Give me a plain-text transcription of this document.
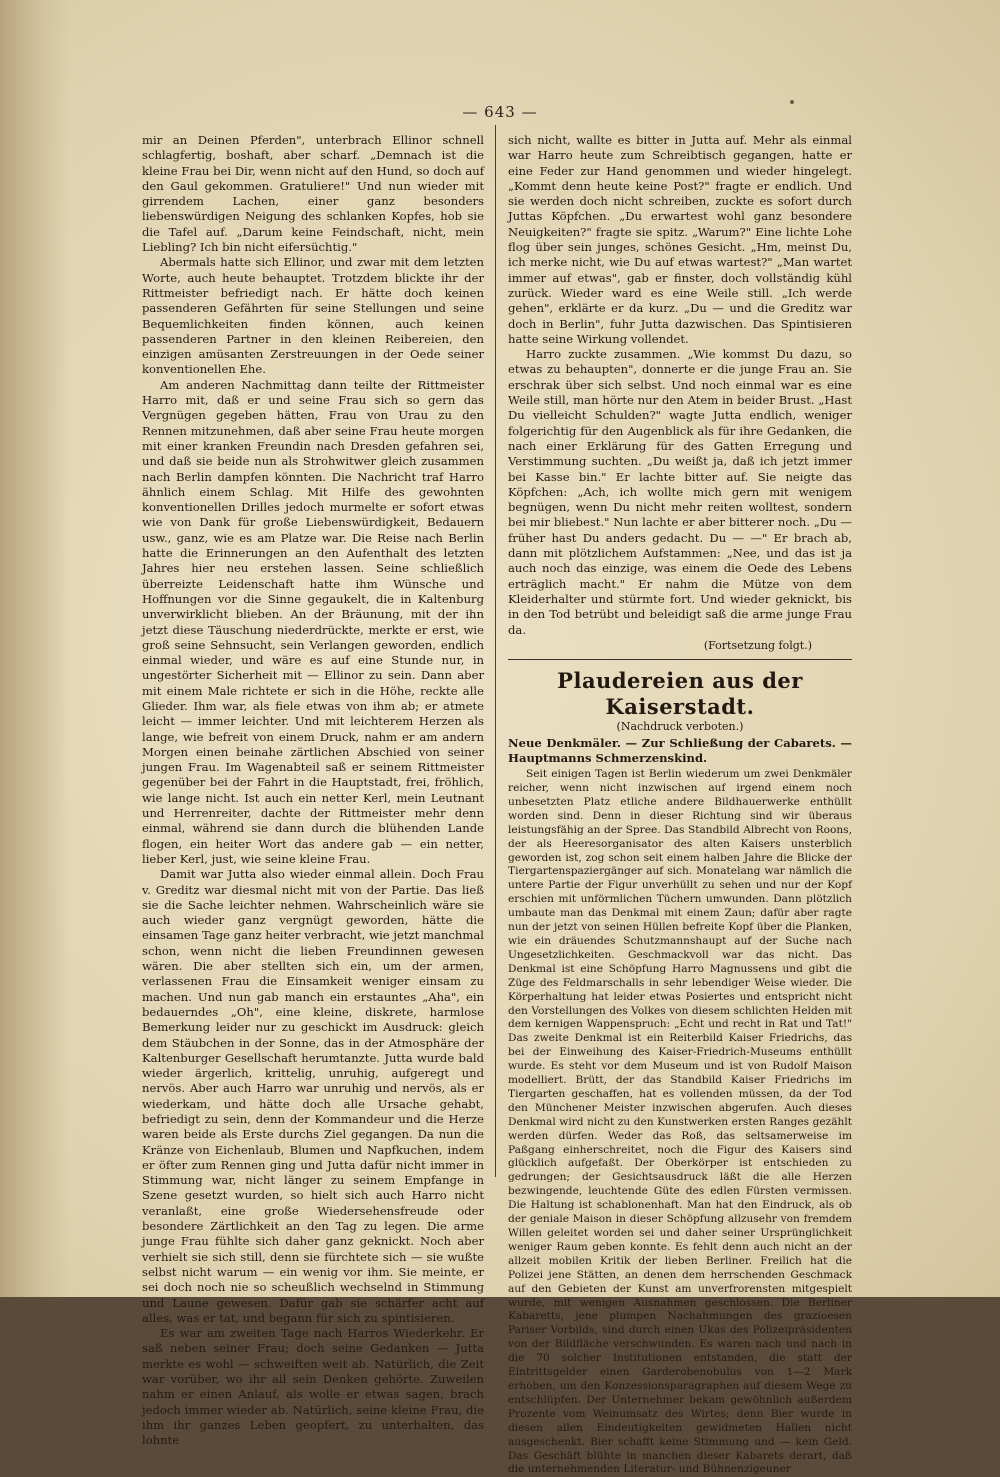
— 643 —

mir an Deinen Pferden", unterbrach Ellinor schnell schlagfertig, boshaft, aber scharf. „Demnach ist die kleine Frau bei Dir, wenn nicht auf den Hund, so doch auf den Gaul gekommen. Gratuliere!" Und nun wieder mit girrendem Lachen, einer ganz besonders liebenswürdigen Neigung des schlanken Kopfes, hob sie die Tafel auf. „Darum keine Feindschaft, nicht, mein Liebling? Ich bin nicht eifersüchtig."

Abermals hatte sich Ellinor, und zwar mit dem letzten Worte, auch heute behauptet. Trotzdem blickte ihr der Rittmeister befriedigt nach. Er hätte doch keinen passenderen Gefährten für seine Stellungen und seine Bequemlichkeiten finden können, auch keinen passenderen Partner in den kleinen Reibereien, den einzigen amüsanten Zerstreuungen in der Oede seiner konventionellen Ehe.

Am anderen Nachmittag dann teilte der Rittmeister Harro mit, daß er und seine Frau sich so gern das Vergnügen gegeben hätten, Frau von Urau zu den Rennen mitzunehmen, daß aber seine Frau heute morgen mit einer kranken Freundin nach Dresden gefahren sei, und daß sie beide nun als Strohwitwer gleich zusammen nach Berlin dampfen könnten. Die Nachricht traf Harro ähnlich einem Schlag. Mit Hilfe des gewohnten konventionellen Drilles jedoch murmelte er sofort etwas wie von Dank für große Liebenswürdigkeit, Bedauern usw., ganz, wie es am Platze war. Die Reise nach Berlin hatte die Erinnerungen an den Aufenthalt des letzten Jahres hier neu erstehen lassen. Seine schließlich überreizte Leidenschaft hatte ihm Wünsche und Hoffnungen vor die Sinne gegaukelt, die in Kaltenburg unverwirklicht blieben. An der Bräunung, mit der ihn jetzt diese Täuschung niederdrückte, merkte er erst, wie groß seine Sehnsucht, sein Verlangen geworden, endlich einmal wieder, und wäre es auf eine Stunde nur, in ungestörter Sicherheit mit — Ellinor zu sein. Dann aber mit einem Male richtete er sich in die Höhe, reckte alle Glieder. Ihm war, als fiele etwas von ihm ab; er atmete leicht — immer leichter. Und mit leichterem Herzen als lange, wie befreit von einem Druck, nahm er am andern Morgen einen beinahe zärtlichen Abschied von seiner jungen Frau. Im Wagenabteil saß er seinem Rittmeister gegenüber bei der Fahrt in die Hauptstadt, frei, fröhlich, wie lange nicht. Ist auch ein netter Kerl, mein Leutnant und Herrenreiter, dachte der Rittmeister mehr denn einmal, während sie dann durch die blühenden Lande flogen, ein heiter Wort das andere gab — ein netter, lieber Kerl, just, wie seine kleine Frau.

Damit war Jutta also wieder einmal allein. Doch Frau v. Greditz war diesmal nicht mit von der Partie. Das ließ sie die Sache leichter nehmen. Wahrscheinlich wäre sie auch wieder ganz vergnügt geworden, hätte die einsamen Tage ganz heiter verbracht, wie jetzt manchmal schon, wenn nicht die lieben Freundinnen gewesen wären. Die aber stellten sich ein, um der armen, verlassenen Frau die Einsamkeit weniger einsam zu machen. Und nun gab manch ein erstauntes „Aha", ein bedauerndes „Oh", eine kleine, diskrete, harmlose Bemerkung leider nur zu geschickt im Ausdruck: gleich dem Stäubchen in der Sonne, das in der Atmosphäre der Kaltenburger Gesellschaft herumtanzte. Jutta wurde bald wieder ärgerlich, krittelig, unruhig, aufgeregt und nervös. Aber auch Harro war unruhig und nervös, als er wiederkam, und hätte doch alle Ursache gehabt, befriedigt zu sein, denn der Kommandeur und die Herze waren beide als Erste durchs Ziel gegangen. Da nun die Kränze von Eichenlaub, Blumen und Napfkuchen, indem er öfter zum Rennen ging und Jutta dafür nicht immer in Stimmung war, nicht länger zu seinem Empfange in Szene gesetzt wurden, so hielt sich auch Harro nicht veranlaßt, eine große Wiedersehensfreude oder besondere Zärtlichkeit an den Tag zu legen. Die arme junge Frau fühlte sich daher ganz geknickt. Noch aber verhielt sie sich still, denn sie fürchtete sich — sie wußte selbst nicht warum — ein wenig vor ihm. Sie meinte, er sei doch noch nie so scheußlich wechselnd in Stimmung und Laune gewesen. Dafür gab sie schärfer acht auf alles, was er tat, und begann für sich zu spintisieren.

Es war am zweiten Tage nach Harros Wiederkehr. Er saß neben seiner Frau; doch seine Gedanken — Jutta merkte es wohl — schweiften weit ab. Natürlich, die Zeit war vorüber, wo ihr all sein Denken gehörte. Zuweilen nahm er einen Anlauf, als wolle er etwas sagen, brach jedoch immer wieder ab. Natürlich, seine kleine Frau, die ihm ihr ganzes Leben geopfert, zu unterhalten, das lohnte

sich nicht, wallte es bitter in Jutta auf. Mehr als einmal war Harro heute zum Schreibtisch gegangen, hatte er eine Feder zur Hand genommen und wieder hingelegt. „Kommt denn heute keine Post?" fragte er endlich. Und sie werden doch nicht schreiben, zuckte es sofort durch Juttas Köpfchen. „Du erwartest wohl ganz besondere Neuigkeiten?" fragte sie spitz. „Warum?" Eine lichte Lohe flog über sein junges, schönes Gesicht. „Hm, meinst Du, ich merke nicht, wie Du auf etwas wartest?" „Man wartet immer auf etwas", gab er finster, doch vollständig kühl zurück. Wieder ward es eine Weile still. „Ich werde gehen", erklärte er da kurz. „Du — und die Greditz war doch in Berlin", fuhr Jutta dazwischen. Das Spintisieren hatte seine Wirkung vollendet.

Harro zuckte zusammen. „Wie kommst Du dazu, so etwas zu behaupten", donnerte er die junge Frau an. Sie erschrak über sich selbst. Und noch einmal war es eine Weile still, man hörte nur den Atem in beider Brust. „Hast Du vielleicht Schulden?" wagte Jutta endlich, weniger folgerichtig für den Augenblick als für ihre Gedanken, die nach einer Erklärung für des Gatten Erregung und Verstimmung suchten. „Du weißt ja, daß ich jetzt immer bei Kasse bin." Er lachte bitter auf. Sie neigte das Köpfchen: „Ach, ich wollte mich gern mit wenigem begnügen, wenn Du nicht mehr reiten wolltest, sondern bei mir bliebest." Nun lachte er aber bitterer noch. „Du — früher hast Du anders gedacht. Du — —" Er brach ab, dann mit plötzlichem Aufstammen: „Nee, und das ist ja auch noch das einzige, was einem die Oede des Lebens erträglich macht." Er nahm die Mütze von dem Kleiderhalter und stürmte fort. Und wieder geknickt, bis in den Tod betrübt und beleidigt saß die arme junge Frau da.

(Fortsetzung folgt.)

Plaudereien aus der Kaiserstadt.
(Nachdruck verboten.)
Neue Denkmäler. — Zur Schließung der Cabarets. — Hauptmanns Schmerzenskind.

Seit einigen Tagen ist Berlin wiederum um zwei Denkmäler reicher, wenn nicht inzwischen auf irgend einem noch unbesetzten Platz etliche andere Bildhauerwerke enthüllt worden sind. Denn in dieser Richtung sind wir überaus leistungsfähig an der Spree. Das Standbild Albrecht von Roons, der als Heeresorganisator des alten Kaisers unsterblich geworden ist, zog schon seit einem halben Jahre die Blicke der Tiergartenspaziergänger auf sich. Monatelang war nämlich die untere Partie der Figur unverhüllt zu sehen und nur der Kopf erschien mit unförmlichen Tüchern umwunden. Dann plötzlich umbaute man das Denkmal mit einem Zaun; dafür aber ragte nun der jetzt von seinen Hüllen befreite Kopf über die Planken, wie ein dräuendes Schutzmannshaupt auf der Suche nach Ungesetzlichkeiten. Geschmackvoll war das nicht. Das Denkmal ist eine Schöpfung Harro Magnussens und gibt die Züge des Feldmarschalls in sehr lebendiger Weise wieder. Die Körperhaltung hat leider etwas Posiertes und entspricht nicht den Vorstellungen des Volkes von diesem schlichten Helden mit dem kernigen Wappenspruch: „Echt und recht in Rat und Tat!" Das zweite Denkmal ist ein Reiterbild Kaiser Friedrichs, das bei der Einweihung des Kaiser-Friedrich-Museums enthüllt wurde. Es steht vor dem Museum und ist von Rudolf Maison modelliert. Brütt, der das Standbild Kaiser Friedrichs im Tiergarten geschaffen, hat es vollenden müssen, da der Tod den Münchener Meister inzwischen abgerufen. Auch dieses Denkmal wird nicht zu den Kunstwerken ersten Ranges gezählt werden dürfen. Weder das Roß, das seltsamerweise im Paßgang einherschreitet, noch die Figur des Kaisers sind glücklich aufgefaßt. Der Oberkörper ist entschieden zu gedrungen; der Gesichtsausdruck läßt die alle Herzen bezwingende, leuchtende Güte des edlen Fürsten vermissen. Die Haltung ist schablonenhaft. Man hat den Eindruck, als ob der geniale Maison in dieser Schöpfung allzusehr von fremdem Willen geleitet worden sei und daher seiner Ursprünglichkeit weniger Raum geben konnte. Es fehlt denn auch nicht an der allzeit mobilen Kritik der lieben Berliner. Freilich hat die Polizei jene Stätten, an denen dem herrschenden Geschmack auf den Gebieten der Kunst am unverfrorensten mitgespielt wurde, mit wenigen Ausnahmen geschlossen. Die Berliner Kabaretts, jene plumpen Nachahmungen des grazioesen Pariser Vorbilds, sind durch einen Ukas des Polizeipräsidenten von der Bildfläche verschwunden. Es waren nach und nach in die 70 solcher Institutionen entstanden, die statt der Eintrittsgelder einen Garderobenobulus von 1—2 Mark erhoben, um den Konzessionsparagraphen auf diesem Wege zu entschlüpfen. Der Unternehmer bekam gewöhnlich außerdem Prozente vom Weinumsatz des Wirtes; denn Bier wurde in diesen allen Eindeutigkeiten gewidmeten Hallen nicht ausgeschenkt. Bier schafft keine Stimmung und — kein Geld. Das Geschäft blühte in manchen dieser Kabarets derart, daß die unternehmenden Literatur- und Bühnenzigeuner
